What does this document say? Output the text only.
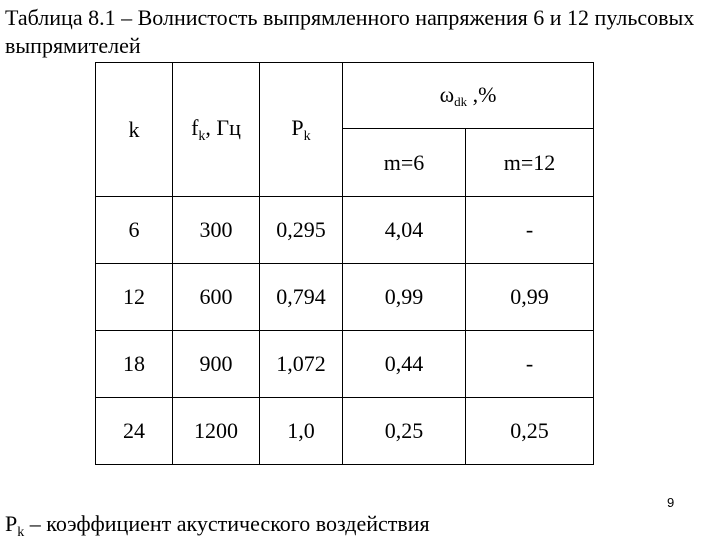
Таблица 8.1 – Волнистость выпрямленного напряжения 6 и 12 пульсовых выпрямителей
k	$f_k$, Гц	$P_k$	ωdk ,%	
			m=6	m=12
6	300	0,295	4,04	-
12	600	0,794	0,99	0,99
18	900	1,072	0,44	-
24	1200	1,0	0,25	0,25
9
$P_k$ – коэффициент акустического воздействия
